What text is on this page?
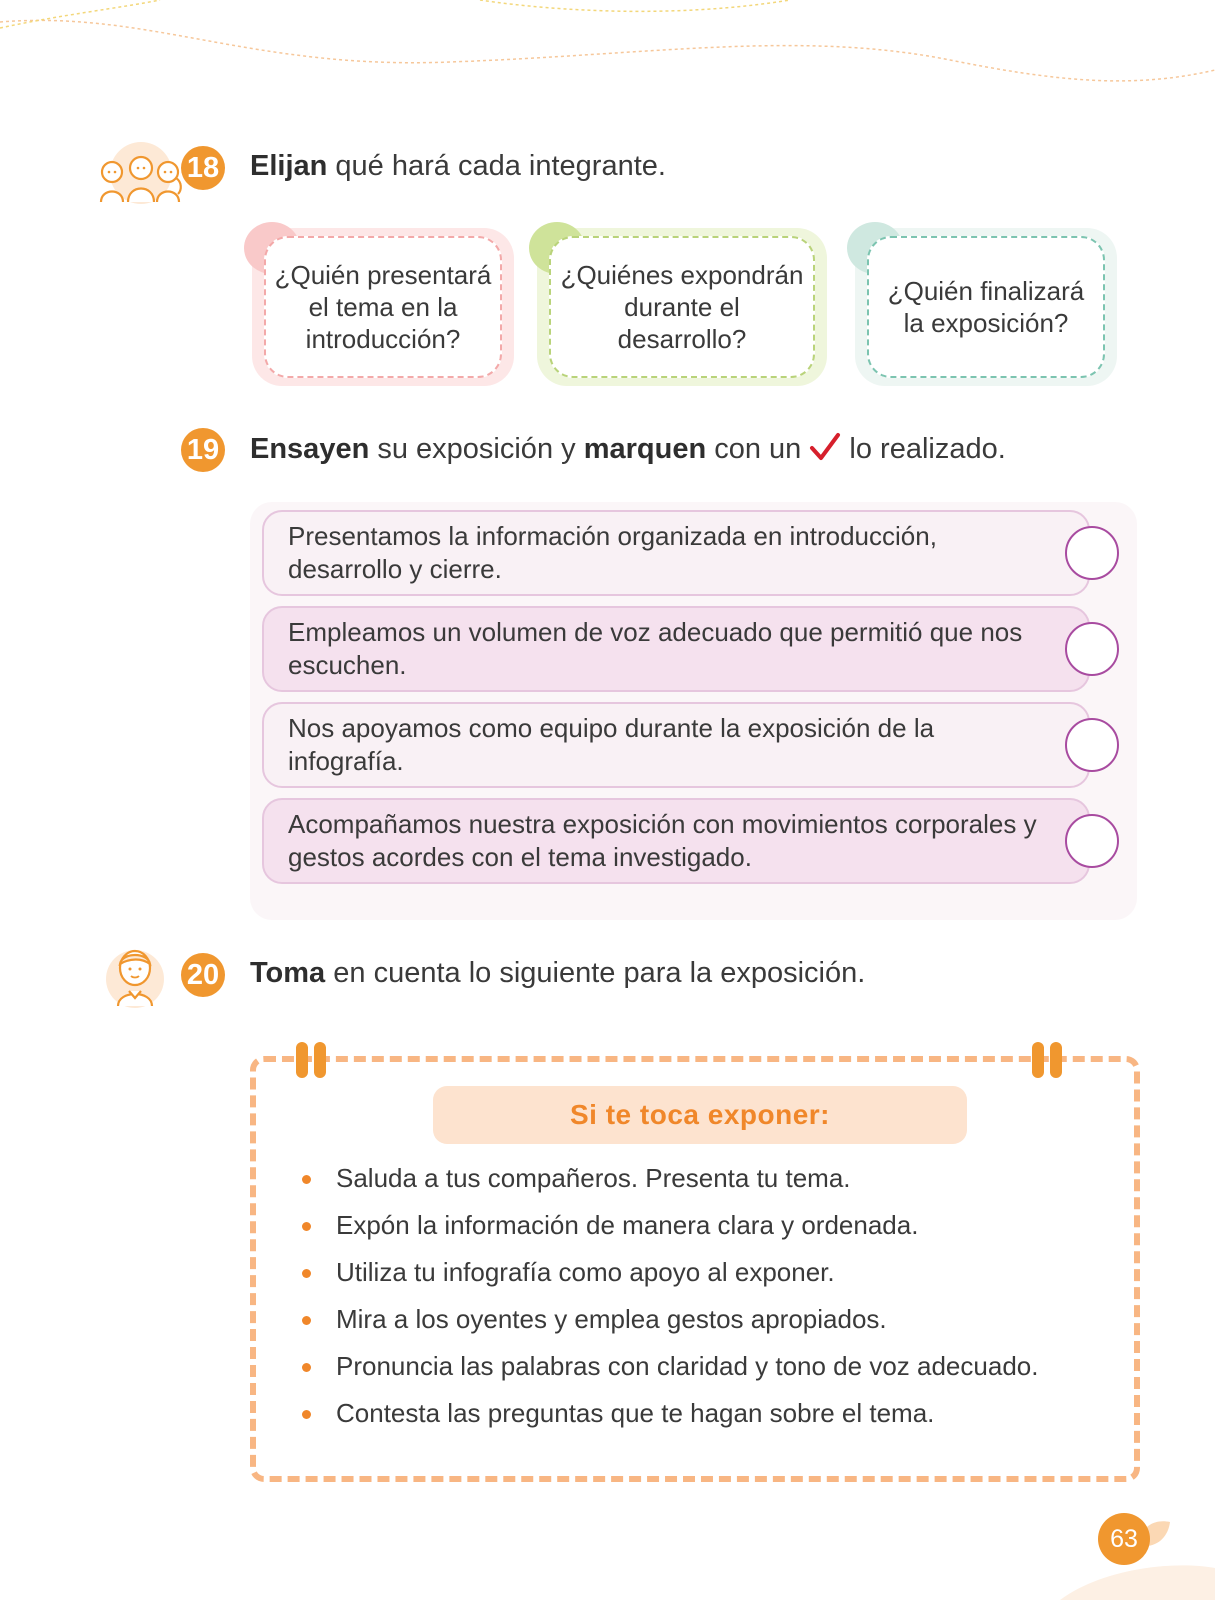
18 Elijan qué hará cada integrante.
¿Quién presentará el tema en la introducción?
¿Quiénes expondrán durante el desarrollo?
¿Quién finalizará la exposición?
19 Ensayen su exposición y marquen con un  lo realizado.
Presentamos la información organizada en introducción, desarrollo y cierre.
Empleamos un volumen de voz adecuado que permitió que nos escuchen.
Nos apoyamos como equipo durante la exposición de la infografía.
Acompañamos nuestra exposición con movimientos corporales y gestos acordes con el tema investigado.
20 Toma en cuenta lo siguiente para la exposición.
Si te toca exponer:
Saluda a tus compañeros. Presenta tu tema.
Expón la información de manera clara y ordenada.
Utiliza tu infografía como apoyo al exponer.
Mira a los oyentes y emplea gestos apropiados.
Pronuncia las palabras con claridad y tono de voz adecuado.
Contesta las preguntas que te hagan sobre el tema.
63
